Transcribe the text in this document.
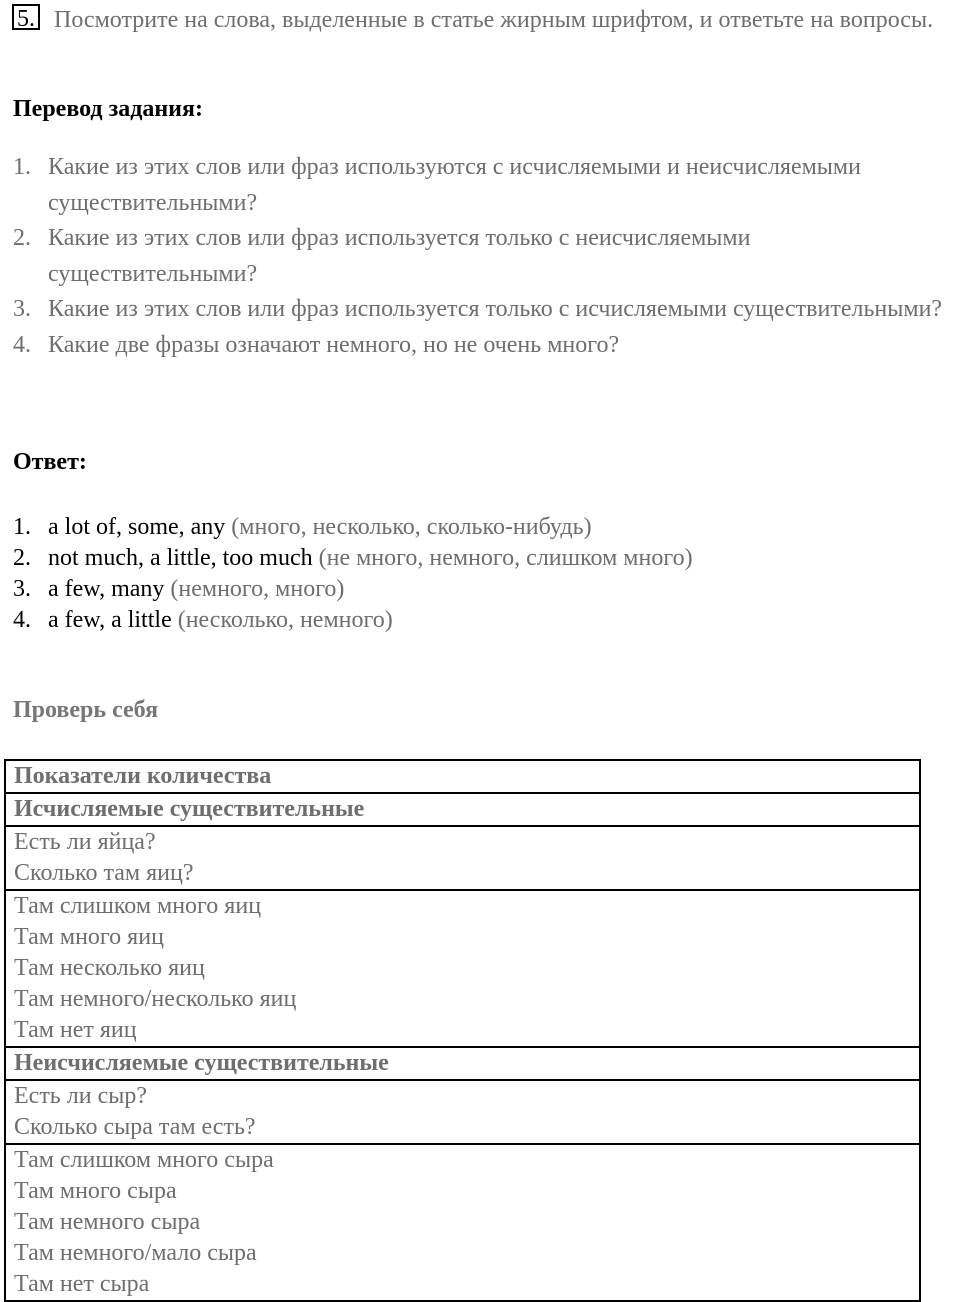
5. Посмотрите на слова, выделенные в статье жирным шрифтом, и ответьте на вопросы.
Перевод задания:
1. Какие из этих слов или фраз используются с исчисляемыми и неисчисляемыми существительными?
2. Какие из этих слов или фраз используется только с неисчисляемыми существительными?
3. Какие из этих слов или фраз используется только с исчисляемыми существительными?
4. Какие две фразы означают немного, но не очень много?
Ответ:
1. a lot of, some, any (много, несколько, сколько-нибудь)
2. not much, a little, too much (не много, немного, слишком много)
3. a few, many (немного, много)
4. a few, a little (несколько, немного)
Проверь себя
Показатели количества
Исчисляемые существительные

Есть ли яйца?
Сколько там яиц?

Там слишком много яиц
Там много яиц
Там несколько яиц
Там немного/несколько яиц
Там нет яиц

Неисчисляемые существительные

Есть ли сыр?
Сколько сыра там есть?

Там слишком много сыра
Там много сыра
Там немного сыра
Там немного/мало сыра
Там нет сыра
